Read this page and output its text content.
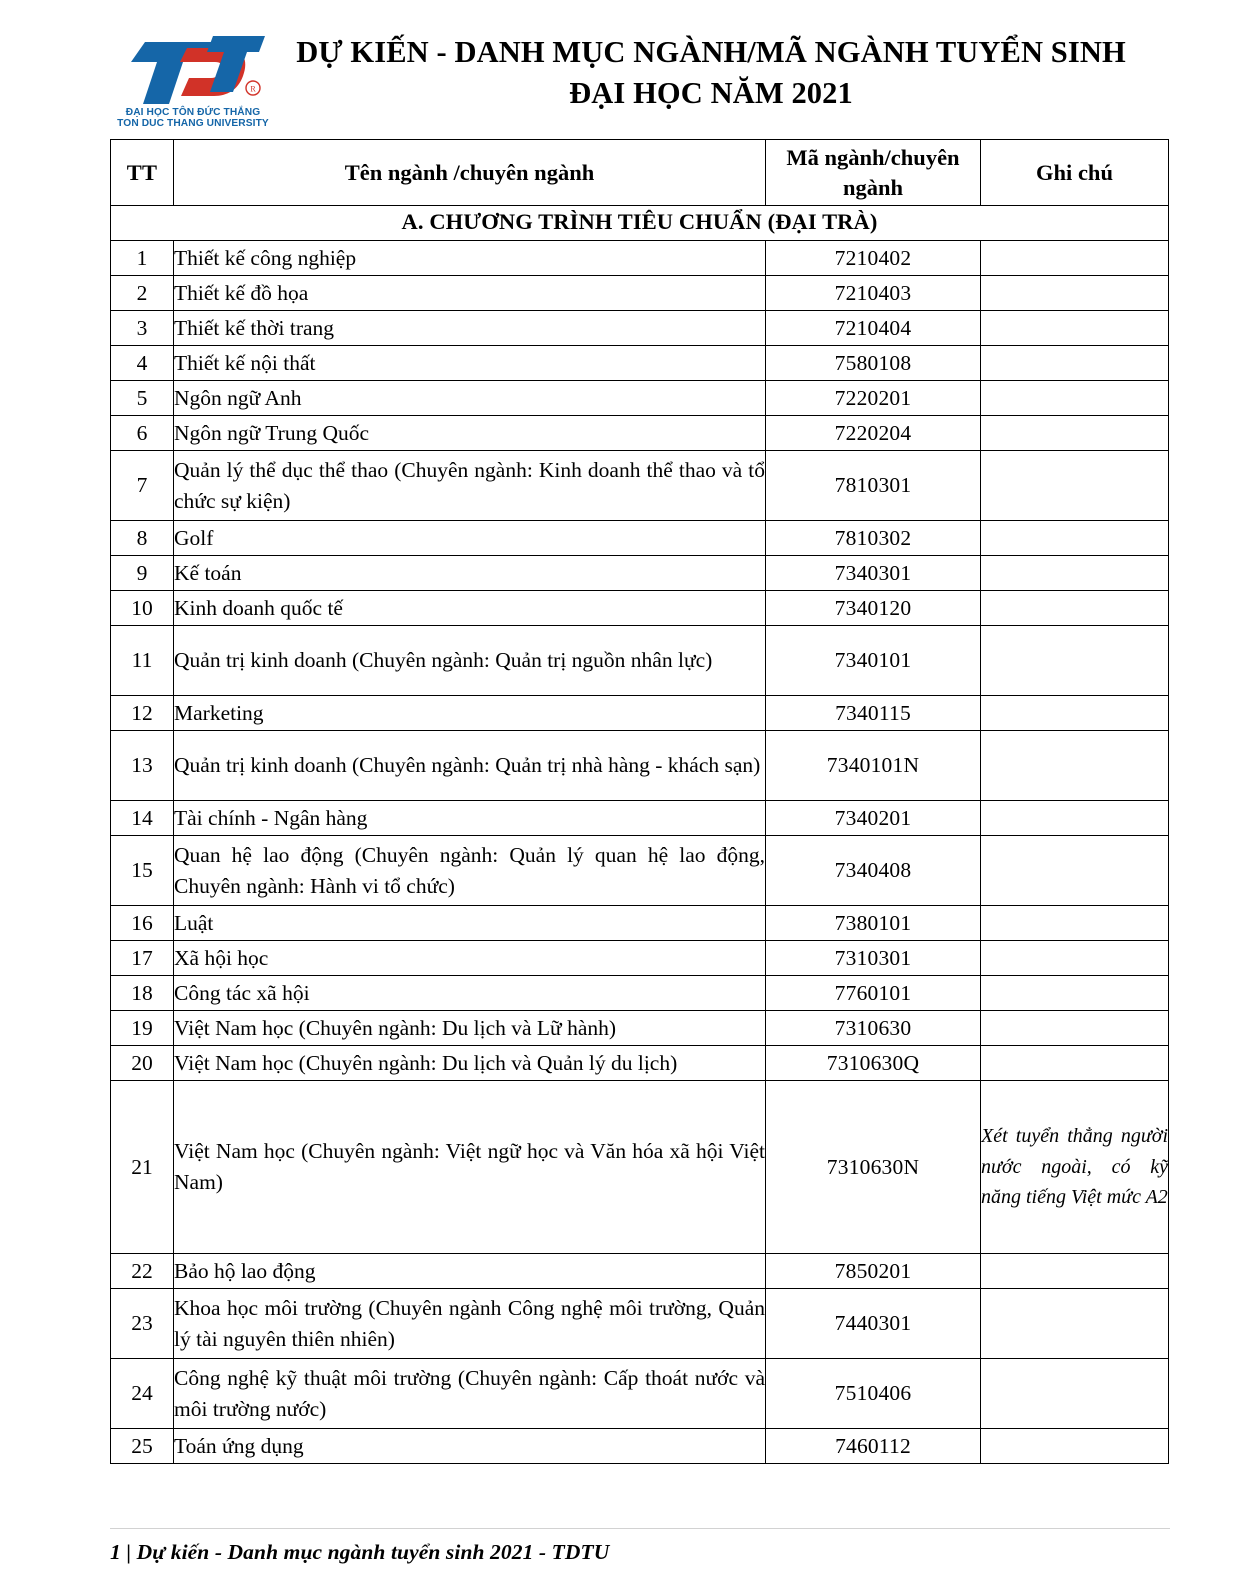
R
ĐẠI HỌC TÔN ĐỨC THẮNG
TON DUC THANG UNIVERSITY
DỰ KIẾN - DANH MỤC NGÀNH/MÃ NGÀNH TUYỂN SINH
ĐẠI HỌC NĂM 2021
TT	Tên ngành /chuyên ngành	Mã ngành/chuyên ngành	Ghi chú
A. CHƯƠNG TRÌNH TIÊU CHUẨN (ĐẠI TRÀ)			
1	Thiết kế công nghiệp	7210402	
2	Thiết kế đồ họa	7210403	
3	Thiết kế thời trang	7210404	
4	Thiết kế nội thất	7580108	
5	Ngôn ngữ Anh	7220201	
6	Ngôn ngữ Trung Quốc	7220204	
7	Quản lý thể dục thể thao (Chuyên ngành: Kinh doanh thể thao và tổ chức sự kiện)	7810301	
8	Golf	7810302	
9	Kế toán	7340301	
10	Kinh doanh quốc tế	7340120	
11	Quản trị kinh doanh (Chuyên ngành: Quản trị nguồn nhân lực)	7340101	
12	Marketing	7340115	
13	Quản trị kinh doanh (Chuyên ngành: Quản trị nhà hàng - khách sạn)	7340101N	
14	Tài chính - Ngân hàng	7340201	
15	Quan hệ lao động (Chuyên ngành: Quản lý quan hệ lao động, Chuyên ngành: Hành vi tổ chức)	7340408	
16	Luật	7380101	
17	Xã hội học	7310301	
18	Công tác xã hội	7760101	
19	Việt Nam học (Chuyên ngành: Du lịch và Lữ hành)	7310630	
20	Việt Nam học (Chuyên ngành: Du lịch và Quản lý du lịch)	7310630Q	
21	Việt Nam học (Chuyên ngành: Việt ngữ học và Văn hóa xã hội Việt Nam)	7310630N	Xét tuyển thẳng người nước ngoài, có kỹ năng tiếng Việt mức A2
22	Bảo hộ lao động	7850201	
23	Khoa học môi trường (Chuyên ngành Công nghệ môi trường, Quản lý tài nguyên thiên nhiên)	7440301	
24	Công nghệ kỹ thuật môi trường (Chuyên ngành: Cấp thoát nước và môi trường nước)	7510406	
25	Toán ứng dụng	7460112	
1 | Dự kiến - Danh mục ngành tuyển sinh 2021 - TDTU
